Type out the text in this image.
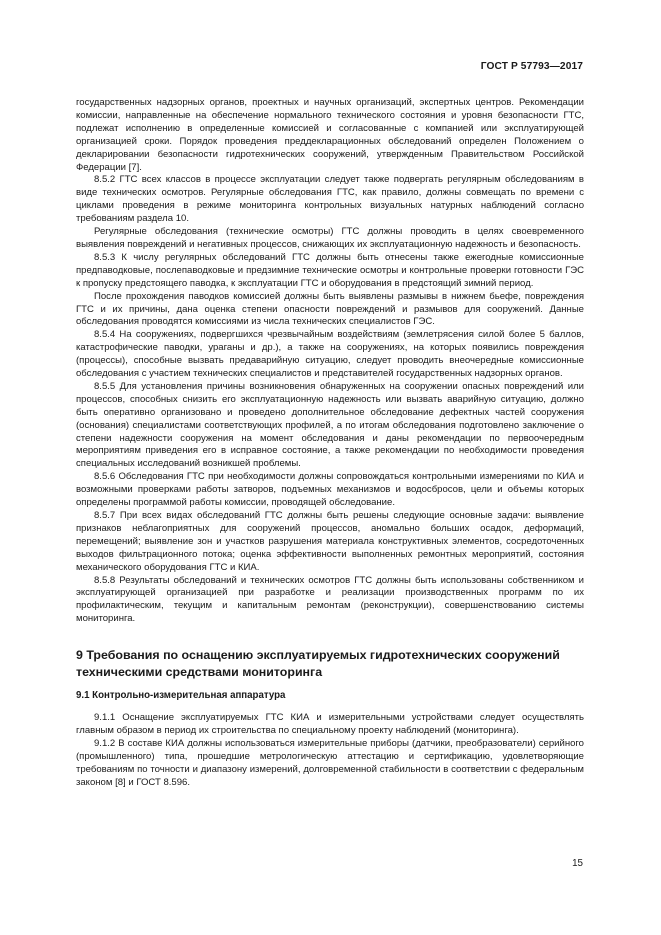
ГОСТ Р 57793—2017

государственных надзорных органов, проектных и научных организаций, экспертных центров. Рекомендации комиссии, направленные на обеспечение нормального технического состояния и уровня безопасности ГТС, подлежат исполнению в определенные комиссией и согласованные с компанией или эксплуатирующей организацией сроки. Порядок проведения преддекларационных обследований определен Положением о декларировании безопасности гидротехнических сооружений, утвержденным Правительством Российской Федерации [7].

8.5.2 ГТС всех классов в процессе эксплуатации следует также подвергать регулярным обследованиям в виде технических осмотров. Регулярные обследования ГТС, как правило, должны совмещать по времени с циклами проведения в режиме мониторинга контрольных визуальных натурных наблюдений согласно требованиям раздела 10.

Регулярные обследования (технические осмотры) ГТС должны проводить в целях своевременного выявления повреждений и негативных процессов, снижающих их эксплуатационную надежность и безопасность.

8.5.3 К числу регулярных обследований ГТС должны быть отнесены также ежегодные комиссионные предпаводковые, послепаводковые и предзимние технические осмотры и контрольные проверки готовности ГЭС к пропуску предстоящего паводка, к эксплуатации ГТС и оборудования в предстоящий зимний период.

После прохождения паводков комиссией должны быть выявлены размывы в нижнем бьефе, повреждения ГТС и их причины, дана оценка степени опасности повреждений и размывов для сооружений. Данные обследования проводятся комиссиями из числа технических специалистов ГЭС.

8.5.4 На сооружениях, подвергшихся чрезвычайным воздействиям (землетрясения силой более 5 баллов, катастрофические паводки, ураганы и др.), а также на сооружениях, на которых появились повреждения (процессы), способные вызвать предаварийную ситуацию, следует проводить внеочередные комиссионные обследования с участием технических специалистов и представителей государственных надзорных органов.

8.5.5 Для установления причины возникновения обнаруженных на сооружении опасных повреждений или процессов, способных снизить его эксплуатационную надежность или вызвать аварийную ситуацию, должно быть оперативно организовано и проведено дополнительное обследование дефектных частей сооружения (основания) специалистами соответствующих профилей, а по итогам обследования подготовлено заключение о степени надежности сооружения на момент обследования и даны рекомендации по первоочередным мероприятиям приведения его в исправное состояние, а также рекомендации по необходимости проведения специальных исследований возникшей проблемы.

8.5.6 Обследования ГТС при необходимости должны сопровождаться контрольными измерениями по КИА и возможными проверками работы затворов, подъемных механизмов и водосбросов, цели и объемы которых определены программой работы комиссии, проводящей обследование.

8.5.7 При всех видах обследований ГТС должны быть решены следующие основные задачи: выявление признаков неблагоприятных для сооружений процессов, аномально больших осадок, деформаций, перемещений; выявление зон и участков разрушения материала конструктивных элементов, сосредоточенных выходов фильтрационного потока; оценка эффективности выполненных ремонтных мероприятий, состояния механического оборудования ГТС и КИА.

8.5.8 Результаты обследований и технических осмотров ГТС должны быть использованы собственником и эксплуатирующей организацией при разработке и реализации производственных программ по их профилактическим, текущим и капитальным ремонтам (реконструкции), совершенствованию системы мониторинга.

9 Требования по оснащению эксплуатируемых гидротехнических сооружений техническими средствами мониторинга
9.1 Контрольно-измерительная аппаратура

9.1.1 Оснащение эксплуатируемых ГТС КИА и измерительными устройствами следует осуществлять главным образом в период их строительства по специальному проекту наблюдений (мониторинга).

9.1.2 В составе КИА должны использоваться измерительные приборы (датчики, преобразователи) серийного (промышленного) типа, прошедшие метрологическую аттестацию и сертификацию, удовлетворяющие требованиям по точности и диапазону измерений, долговременной стабильности в соответствии с федеральным законом [8] и ГОСТ 8.596.

15
